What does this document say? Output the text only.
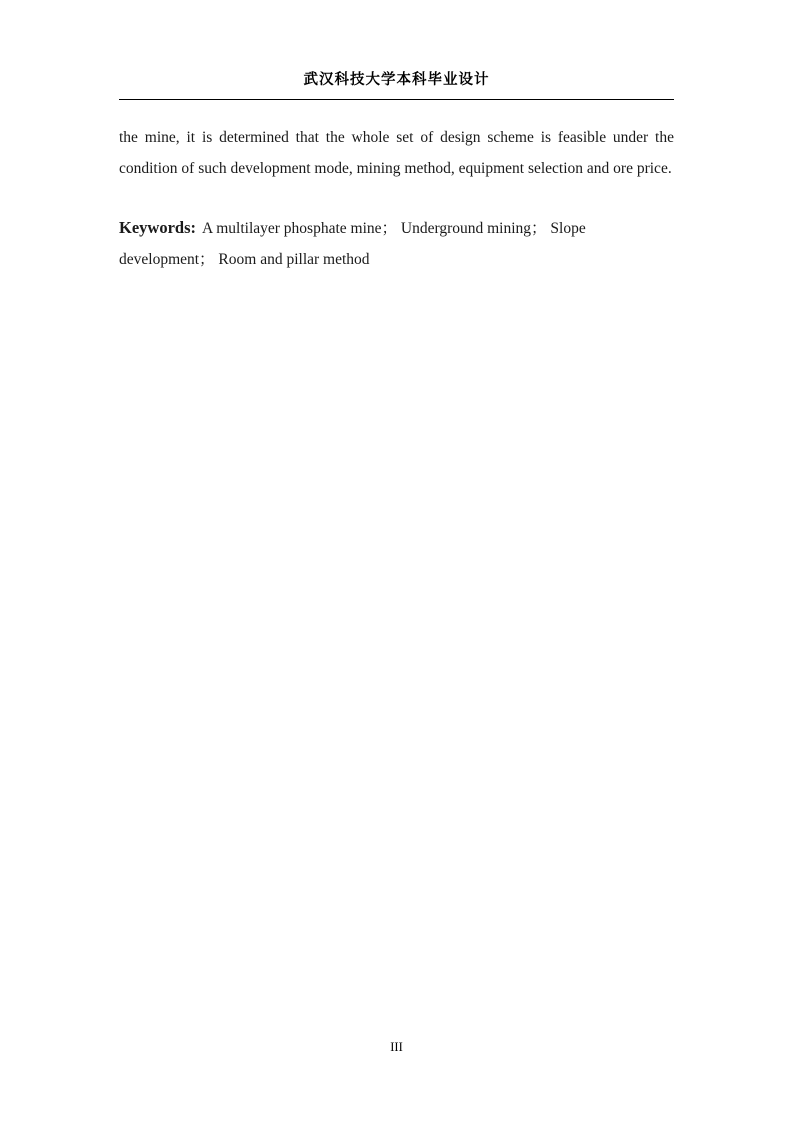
武汉科技大学本科毕业设计

the mine, it is determined that the whole set of design scheme is feasible under the condition of such development mode, mining method, equipment selection and ore price.

Keywords: A multilayer phosphate mine； Underground mining； Slope development； Room and pillar method
III
